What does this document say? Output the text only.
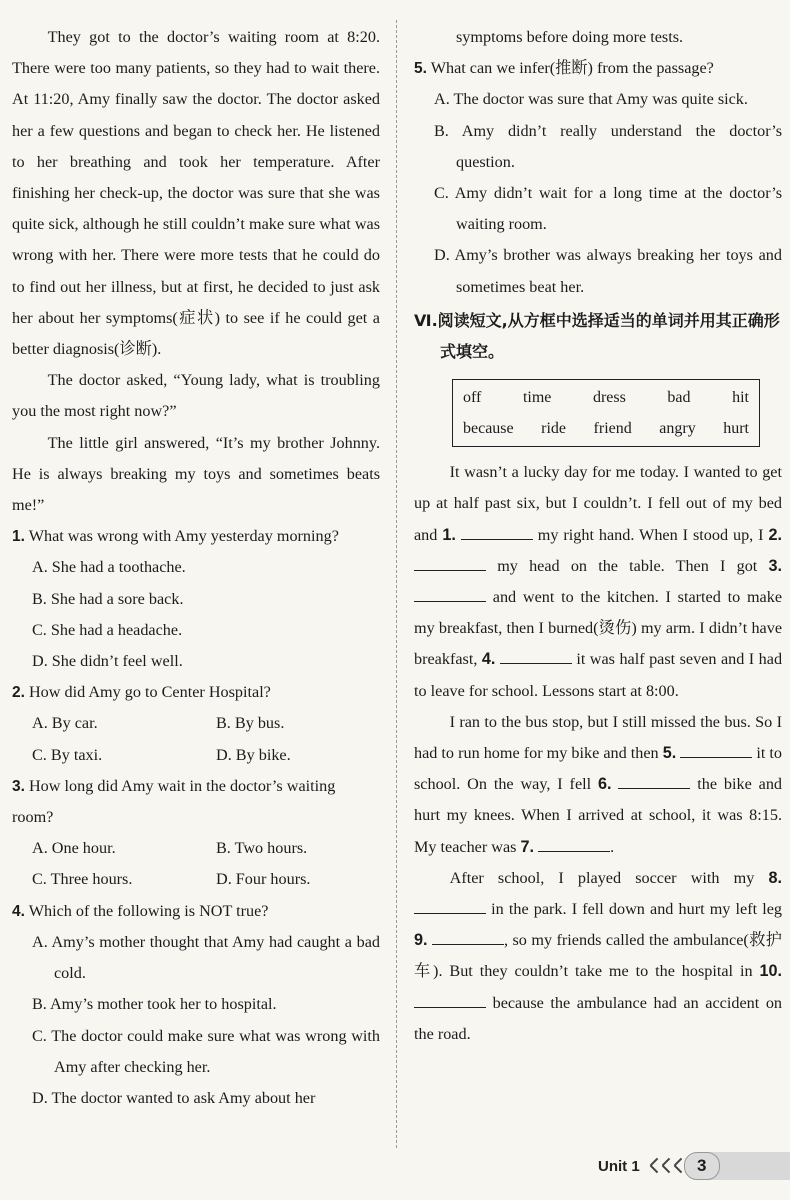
They got to the doctor’s waiting room at 8:20. There were too many patients, so they had to wait there. At 11:20, Amy finally saw the doctor. The doctor asked her a few questions and began to check her. He listened to her breathing and took her temperature. After finishing her check-up, the doctor was sure that she was quite sick, although he still couldn’t make sure what was wrong with her. There were more tests that he could do to find out her illness, but at first, he decided to just ask her about her symptoms(症状) to see if he could get a better diagnosis(诊断).

The doctor asked, “Young lady, what is troubling you the most right now?”

The little girl answered, “It’s my brother Johnny. He is always breaking my toys and sometimes beats me!”

1. What was wrong with Amy yesterday morning?
A. She had a toothache.
B. She had a sore back.
C. She had a headache.
D. She didn’t feel well.
2. How did Amy go to Center Hospital?
A. By car.	B. By bus.
C. By taxi.	D. By bike.
3. How long did Amy wait in the doctor’s waiting room?
A. One hour.	B. Two hours.
C. Three hours.	D. Four hours.
4. Which of the following is NOT true?
A. Amy’s mother thought that Amy had caught a bad cold.
B. Amy’s mother took her to hospital.
C. The doctor could make sure what was wrong with Amy after checking her.
D. The doctor wanted to ask Amy about her
symptoms before doing more tests.
5. What can we infer(推断) from the passage?
A. The doctor was sure that Amy was quite sick.
B. Amy didn’t really understand the doctor’s question.
C. Amy didn’t wait for a long time at the doctor’s waiting room.
D. Amy’s brother was always breaking her toys and sometimes beat her.
Ⅵ.阅读短文,从方框中选择适当的单词并用其正确形式填空。
off	time	dress	bad	hit
because ride friend angry hurt

It wasn’t a lucky day for me today. I wanted to get up at half past six, but I couldn’t. I fell out of my bed and 1.	my right hand. When I stood up, I 2.  my head on the table. Then I got 3.  and went to the kitchen. I started to make my breakfast, then I burned(烫伤) my arm. I didn’t have breakfast, 4.	it was half past seven and I had to leave for school. Lessons start at 8:00.

I ran to the bus stop, but I still missed the bus. So I had to run home for my bike and then 5.	it to school. On the way, I fell 6.	the bike and hurt my knees. When I arrived at school, it was 8:15. My teacher was 7.	.

After school, I played soccer with my 8.  in the park. I fell down and hurt my left leg 9.	, so my friends called the ambulance(救护车). But they couldn’t take me to the hospital in 10.  because the ambulance had an accident on the road.

Unit 1	3
